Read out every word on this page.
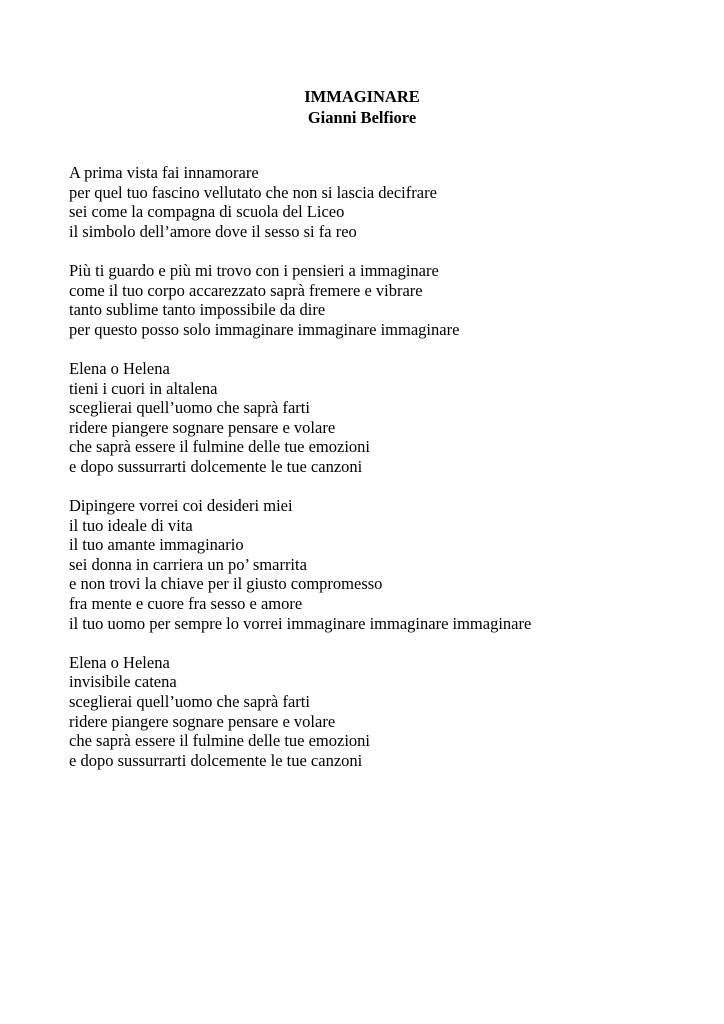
IMMAGINARE
Gianni Belfiore
A prima vista fai innamorare
per quel tuo fascino vellutato che non si lascia decifrare
sei come la compagna di scuola del Liceo
il simbolo dell’amore dove il sesso si fa reo
Più ti guardo e più mi trovo con i pensieri a immaginare
come il tuo corpo accarezzato saprà fremere e vibrare
tanto sublime tanto impossibile da dire
per questo posso solo immaginare immaginare immaginare
Elena o Helena
tieni i cuori in altalena
sceglierai quell’uomo che saprà farti
ridere piangere sognare pensare e volare
che saprà essere il fulmine delle tue emozioni
e dopo sussurrarti dolcemente le tue canzoni
Dipingere vorrei coi desideri miei
il tuo ideale di vita
il tuo amante immaginario
sei donna in carriera un po’ smarrita
e non trovi la chiave per il giusto compromesso
fra mente e cuore fra sesso e amore
il tuo uomo per sempre lo vorrei immaginare immaginare immaginare
Elena o Helena
invisibile catena
sceglierai quell’uomo che saprà farti
ridere piangere sognare pensare e volare
che saprà essere il fulmine delle tue emozioni
e dopo sussurrarti dolcemente le tue canzoni
